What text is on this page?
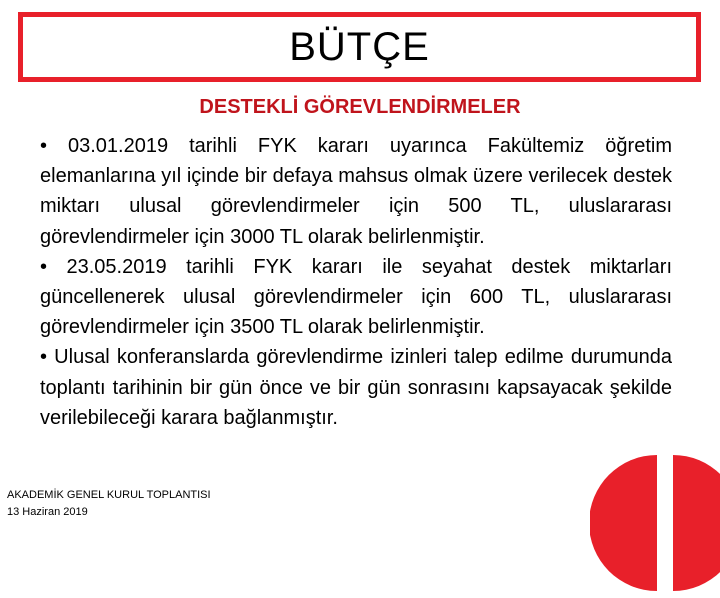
BÜTÇE
DESTEKLİ GÖREVLENDİRMELER

• 03.01.2019 tarihli FYK kararı uyarınca Fakültemiz öğretim elemanlarına yıl içinde bir defaya mahsus olmak üzere verilecek destek miktarı ulusal görevlendirmeler için 500 TL, uluslararası görevlendirmeler için 3000 TL olarak belirlenmiştir.

• 23.05.2019 tarihli FYK kararı ile seyahat destek miktarları güncellenerek ulusal görevlendirmeler için 600 TL, uluslararası görevlendirmeler için 3500 TL olarak belirlenmiştir.

• Ulusal konferanslarda görevlendirme izinleri talep edilme durumunda toplantı tarihinin bir gün önce ve bir gün sonrasını kapsayacak şekilde verilebileceği karara bağlanmıştır.

AKADEMİK GENEL KURUL TOPLANTISI
13 Haziran 2019
